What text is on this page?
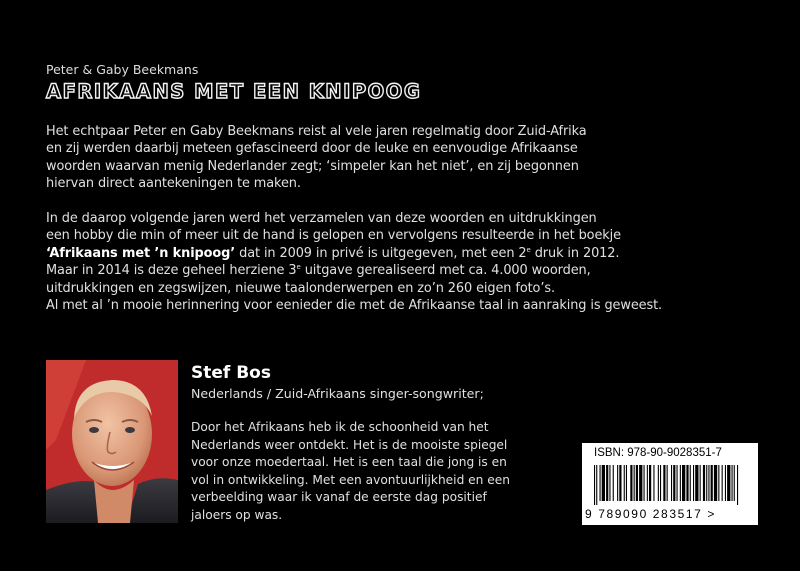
Peter & Gaby Beekmans
AFRIKAANS MET EEN KNIPOOG
Het echtpaar Peter en Gaby Beekmans reist al vele jaren regelmatig door Zuid-Afrika
en zij werden daarbij meteen gefascineerd door de leuke en eenvoudige Afrikaanse
woorden waarvan menig Nederlander zegt; ‘simpeler kan het niet’, en zij begonnen
hiervan direct aantekeningen te maken.
In de daarop volgende jaren werd het verzamelen van deze woorden en uitdrukkingen
een hobby die min of meer uit de hand is gelopen en vervolgens resulteerde in het boekje
‘Afrikaans met ’n knipoog’ dat in 2009 in privé is uitgegeven, met een 2e druk in 2012.
Maar in 2014 is deze geheel herziene 3e uitgave gerealiseerd met ca. 4.000 woorden,
uitdrukkingen en zegswijzen, nieuwe taalonderwerpen en zo’n 260 eigen foto’s.
Al met al ’n mooie herinnering voor eenieder die met de Afrikaanse taal in aanraking is geweest.
Stef Bos
Nederlands / Zuid-Afrikaans singer-songwriter;
Door het Afrikaans heb ik de schoonheid van het
Nederlands weer ontdekt. Het is de mooiste spiegel
voor onze moedertaal. Het is een taal die jong is en
vol in ontwikkeling. Met een avontuurlijkheid en een
verbeelding waar ik vanaf de eerste dag positief
jaloers op was.
ISBN: 978-90-9028351-7
9 789090 283517 >
